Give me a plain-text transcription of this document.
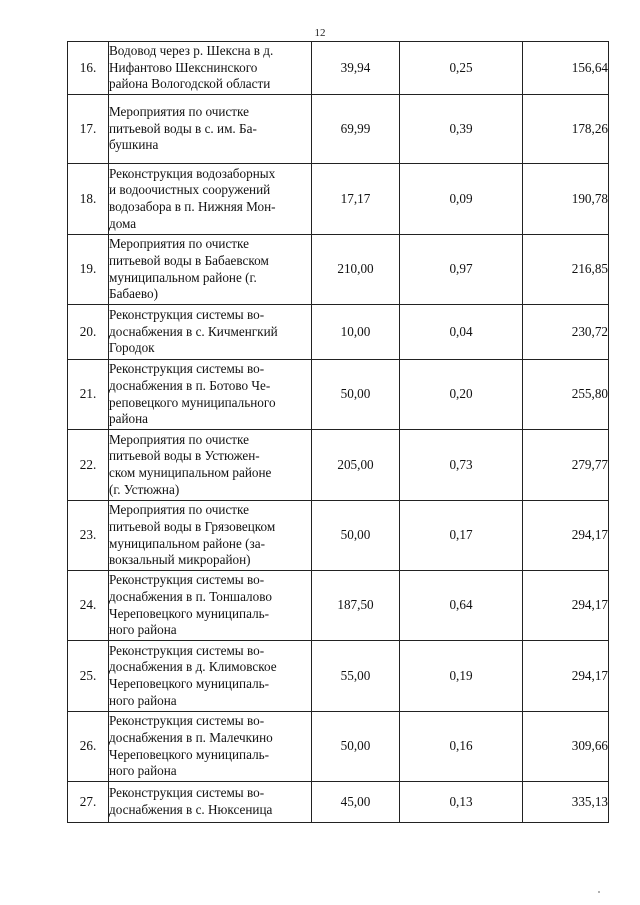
12
16.	Водовод через р. Шексна в д.
Нифантово Шекснинского
района Вологодской области	39,94	0,25	156,64
17.	Мероприятия по очистке
питьевой воды в с. им. Ба-
бушкина	69,99	0,39	178,26
18.	Реконструкция водозаборных
и водоочистных сооружений
водозабора в п. Нижняя Мон-
дома	17,17	0,09	190,78
19.	Мероприятия по очистке
питьевой воды в Бабаевском
муниципальном районе (г.
Бабаево)	210,00	0,97	216,85
20.	Реконструкция системы во-
доснабжения в с. Кичменгкий
Городок	10,00	0,04	230,72
21.	Реконструкция системы во-
доснабжения в п. Ботово Че-
реповецкого муниципального
района	50,00	0,20	255,80
22.	Мероприятия по очистке
питьевой воды в Устюжен-
ском муниципальном районе
(г. Устюжна)	205,00	0,73	279,77
23.	Мероприятия по очистке
питьевой воды в Грязовецком
муниципальном районе (за-
вокзальный микрорайон)	50,00	0,17	294,17
24.	Реконструкция системы во-
доснабжения в п. Тоншалово
Череповецкого муниципаль-
ного района	187,50	0,64	294,17
25.	Реконструкция системы во-
доснабжения в д. Климовское
Череповецкого муниципаль-
ного района	55,00	0,19	294,17
26.	Реконструкция системы во-
доснабжения в п. Малечкино
Череповецкого муниципаль-
ного района	50,00	0,16	309,66
27.	Реконструкция системы во-
доснабжения в с. Нюксеница	45,00	0,13	335,13
